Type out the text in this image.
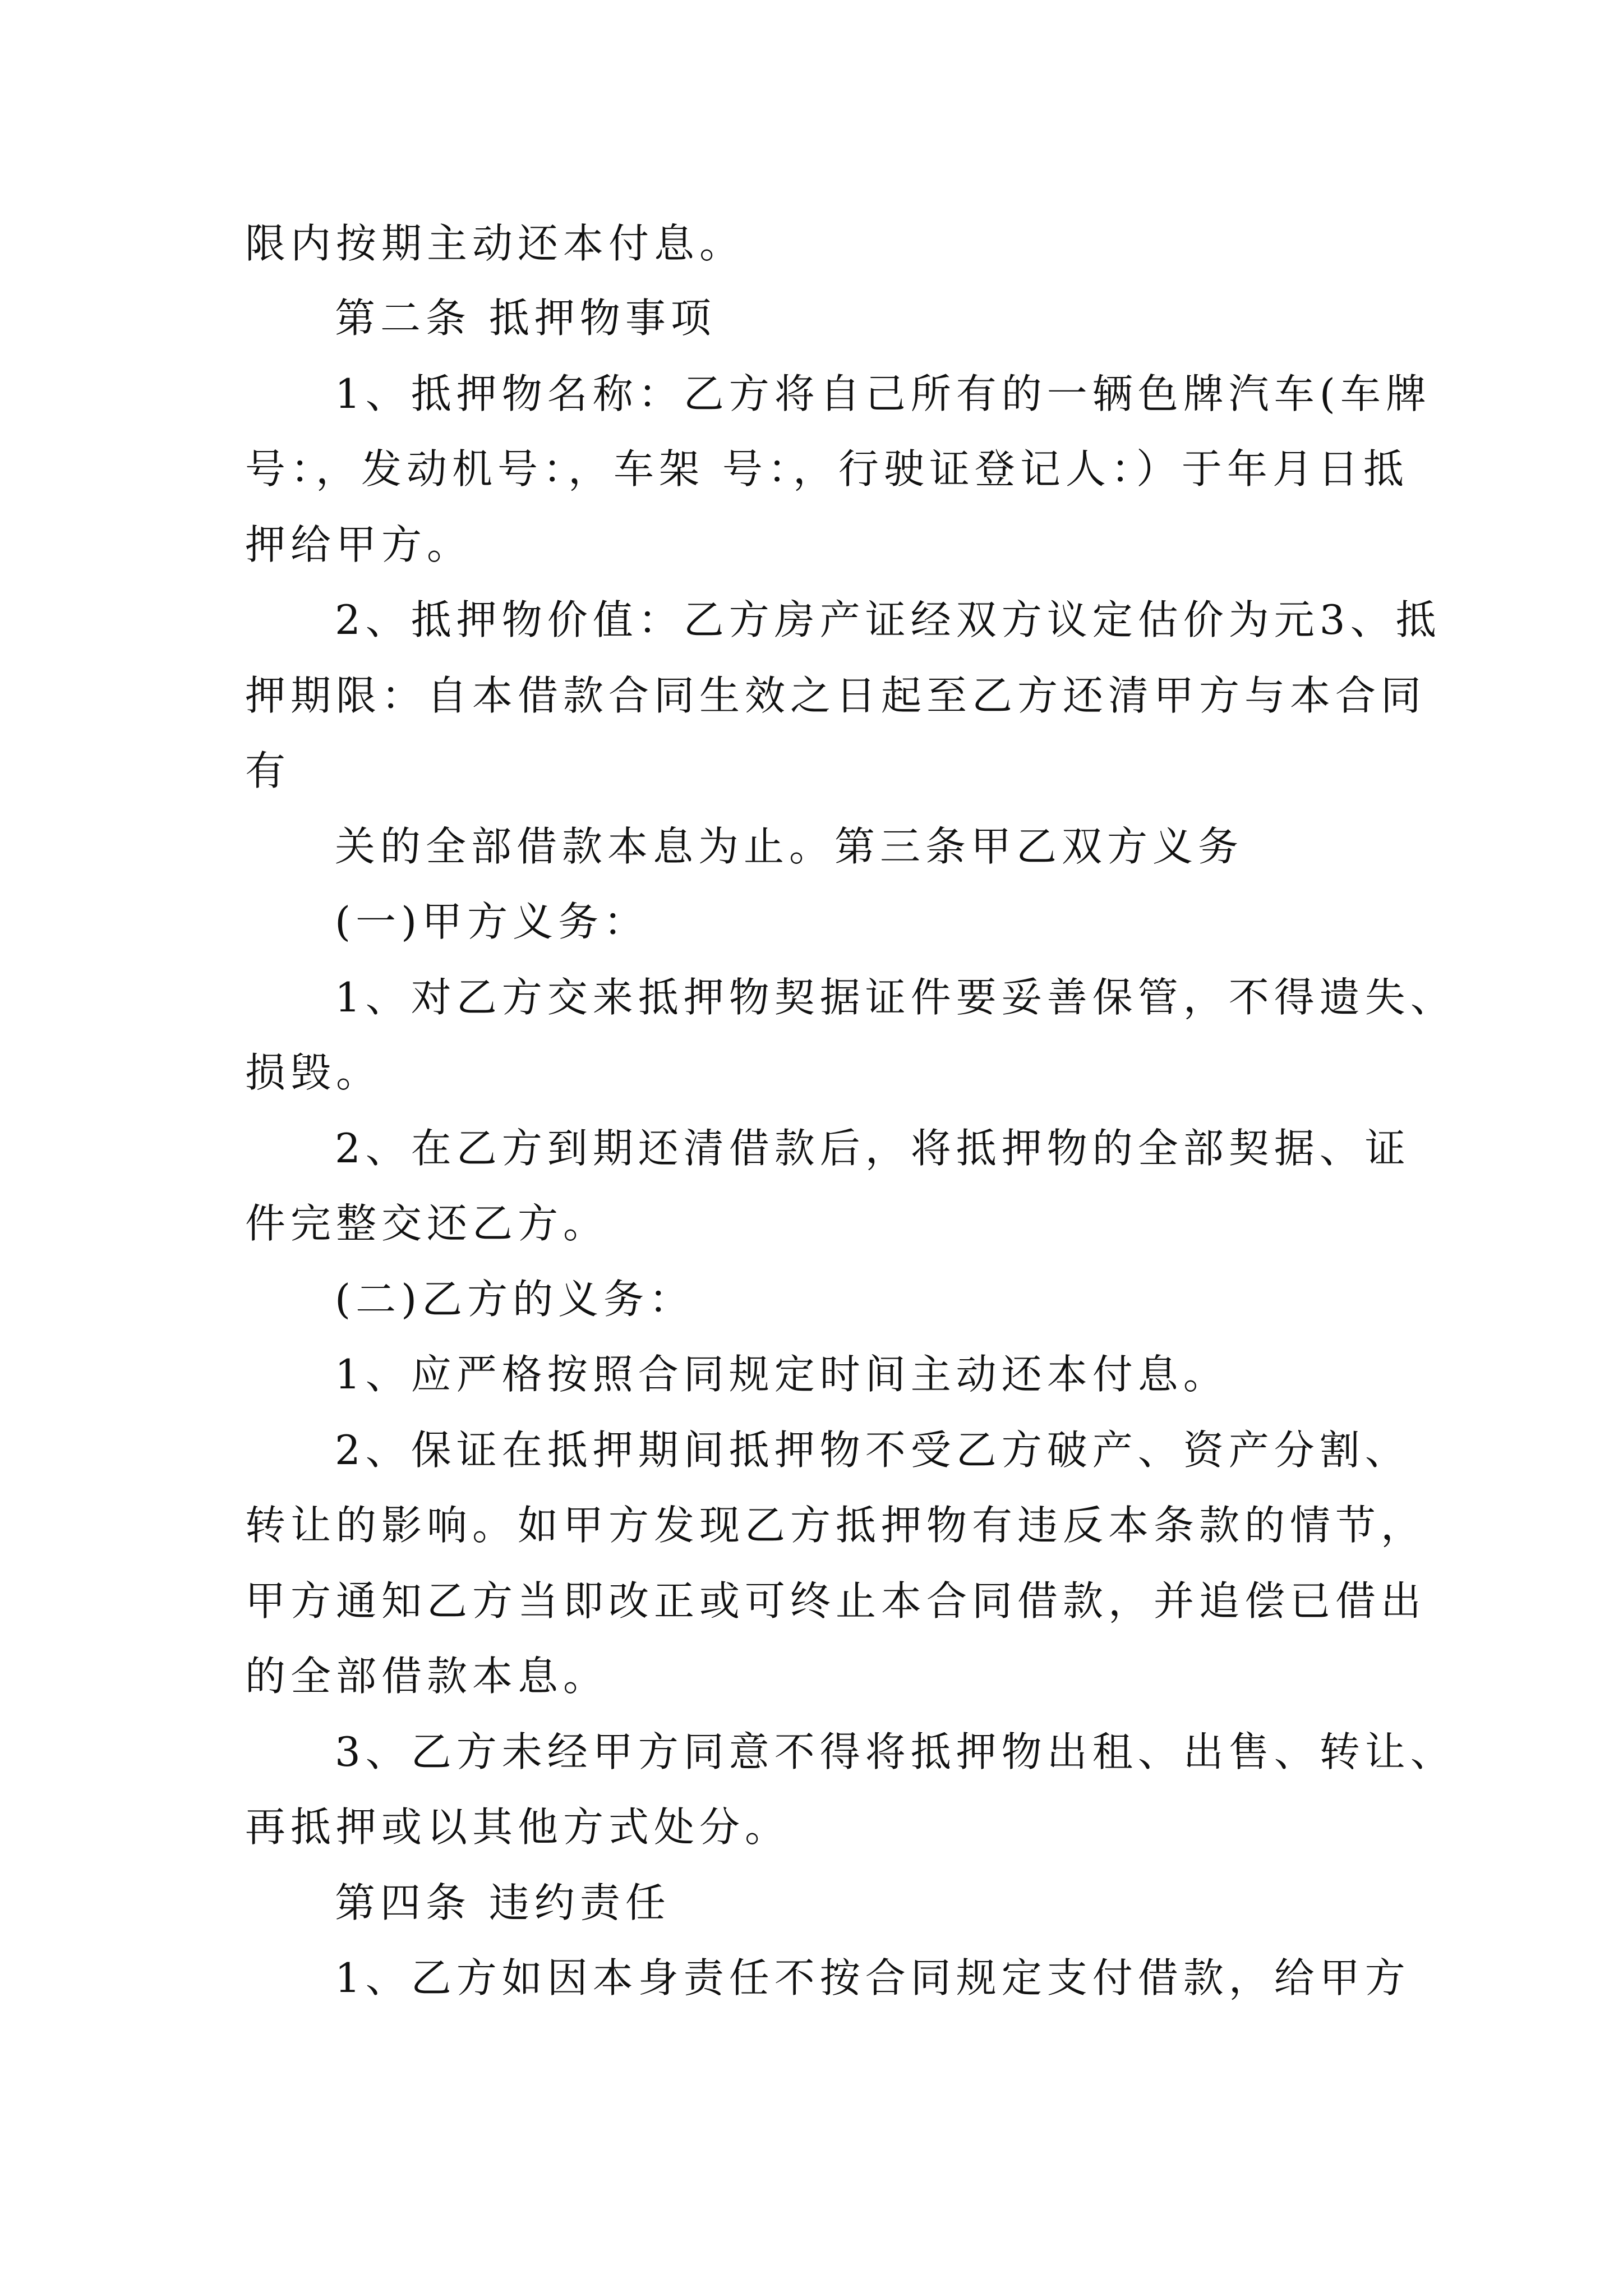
限内按期主动还本付息。
第二条 抵押物事项
1、抵押物名称：乙方将自己所有的一辆色牌汽车(车牌
号：，发动机号：，车架 号：，行驶证登记人：）于年月日抵
押给甲方。
2、抵押物价值：乙方房产证经双方议定估价为元3、抵
押期限：自本借款合同生效之日起至乙方还清甲方与本合同
有
关的全部借款本息为止。第三条甲乙双方义务
(一)甲方义务：
1、对乙方交来抵押物契据证件要妥善保管，不得遗失、
损毁。
2、在乙方到期还清借款后，将抵押物的全部契据、证
件完整交还乙方。
(二)乙方的义务：
1、应严格按照合同规定时间主动还本付息。
2、保证在抵押期间抵押物不受乙方破产、资产分割、
转让的影响。如甲方发现乙方抵押物有违反本条款的情节，
甲方通知乙方当即改正或可终止本合同借款，并追偿已借出
的全部借款本息。
3、乙方未经甲方同意不得将抵押物出租、出售、转让、
再抵押或以其他方式处分。
第四条 违约责任
1、乙方如因本身责任不按合同规定支付借款，给甲方
